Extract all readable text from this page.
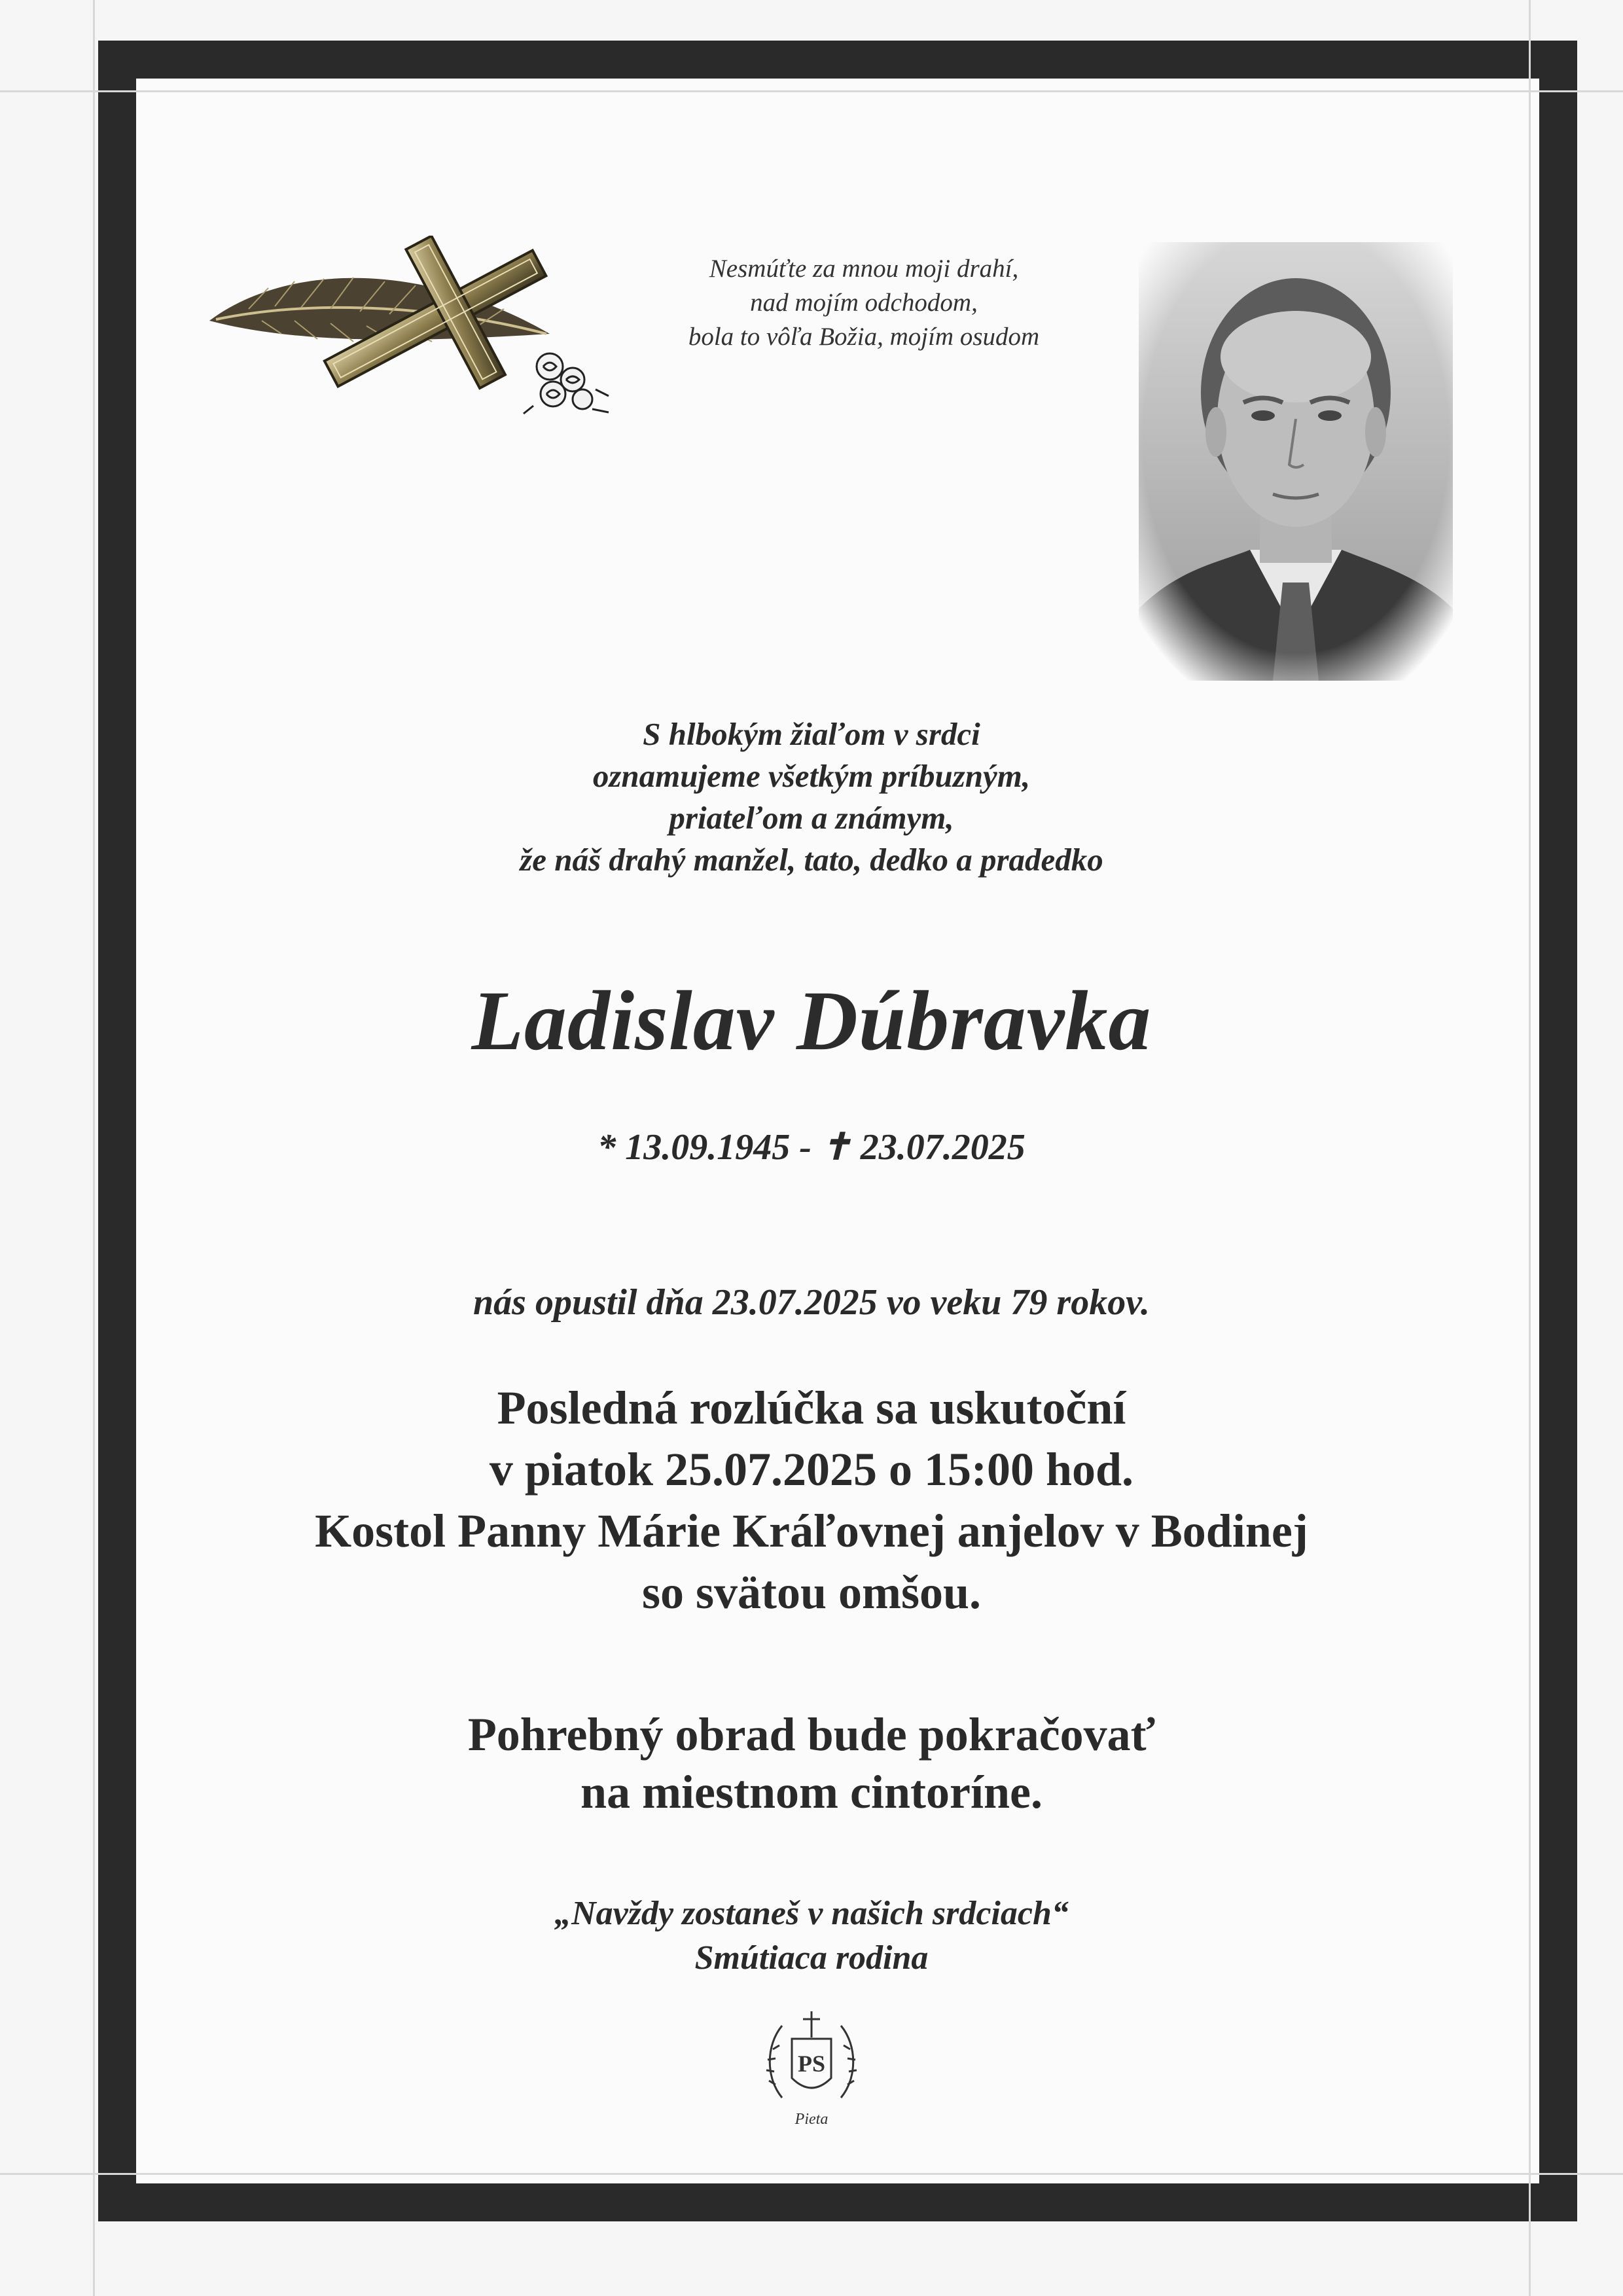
Nesmúťte za mnou moji drahí,
nad mojím odchodom,
bola to vôľa Božia, mojím osudom
S hlbokým žiaľom v srdci
oznamujeme všetkým príbuzným,
priateľom a známym,
že náš drahý manžel, tato, dedko a pradedko
Ladislav Dúbravka
* 13.09.1945 - ✝ 23.07.2025
nás opustil dňa 23.07.2025 vo veku 79 rokov.
Posledná rozlúčka sa uskutoční
v piatok 25.07.2025 o 15:00 hod.
Kostol Panny Márie Kráľovnej anjelov v Bodinej
so svätou omšou.
Pohrebný obrad bude pokračovať
na miestnom cintoríne.
„Navždy zostaneš v našich srdciach“
Smútiaca rodina
PS
Pieta
